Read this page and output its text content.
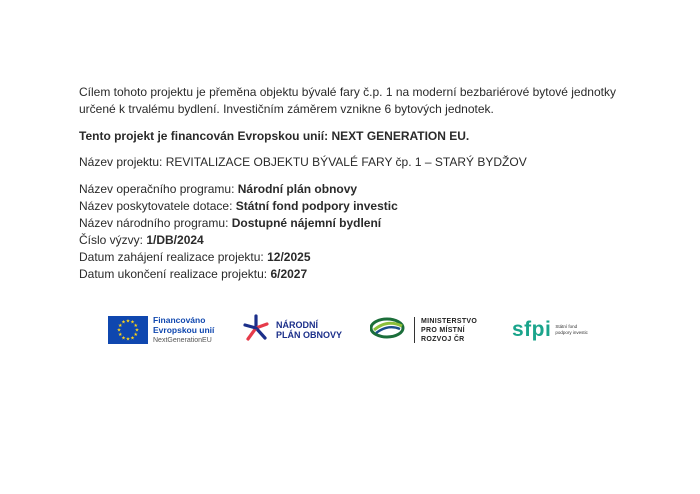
Cílem tohoto projektu je přeměna objektu bývalé fary č.p. 1 na moderní bezbariérové bytové jednotky
určené k trvalému bydlení. Investičním záměrem vznikne 6 bytových jednotek.

Tento projekt je financován Evropskou unií: NEXT GENERATION EU.

Název projektu: REVITALIZACE OBJEKTU BÝVALÉ FARY čp. 1 – STARÝ BYDŽOV

Název operačního programu: Národní plán obnovy
Název poskytovatele dotace: Státní fond podpory investic
Název národního programu: Dostupné nájemní bydlení
Číslo výzvy: 1/DB/2024
Datum zahájení realizace projektu: 12/2025
Datum ukončení realizace projektu: 6/2027
★ ★
★
★
★
★
★
★
★
★
★
★	Financováno
Evropskou unií
NextGenerationEU
NÁRODNÍ
PLÁN OBNOVY
MINISTERSTVO
PRO MÍSTNÍ
ROZVOJ ČR	sfpi Státní fond
podpory investic
